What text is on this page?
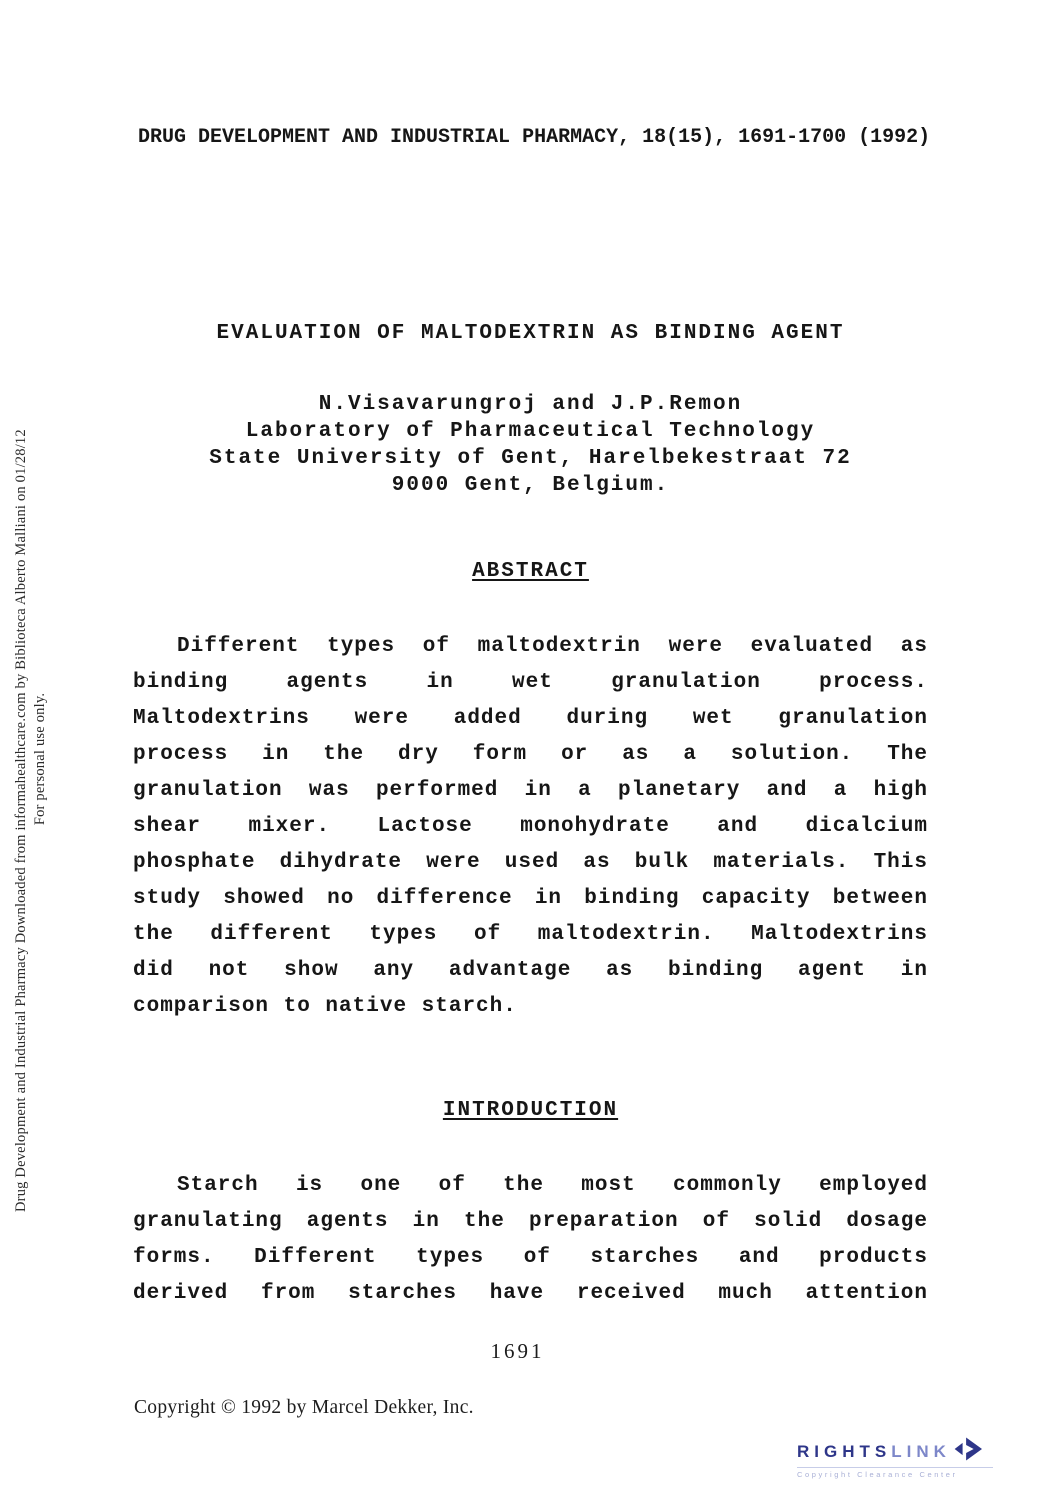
Drug Development and Industrial Pharmacy Downloaded from informahealthcare.com by Biblioteca Alberto Malliani on 01/28/12 For personal use only.
DRUG DEVELOPMENT AND INDUSTRIAL PHARMACY, 18(15), 1691-1700 (1992)
EVALUATION OF MALTODEXTRIN AS BINDING AGENT
N.Visavarungroj and J.P.Remon
Laboratory of Pharmaceutical Technology
State University of Gent, Harelbekestraat 72
9000 Gent, Belgium.
ABSTRACT
Different types of maltodextrin were evaluated as
binding agents in wet granulation process.
Maltodextrins were added during wet granulation
process in the dry form or as a solution. The
granulation was performed in a planetary and a high
shear mixer. Lactose monohydrate and dicalcium
phosphate dihydrate were used as bulk materials. This
study showed no difference in binding capacity between
the different types of maltodextrin. Maltodextrins
did not show any advantage as binding agent in
comparison to native starch.
INTRODUCTION
Starch is one of the most commonly employed
granulating agents in the preparation of solid dosage
forms. Different types of starches and products
derived from starches have received much attention
1691
Copyright © 1992 by Marcel Dekker, Inc.
RIGHTS LINK
Copyright Clearance Center
